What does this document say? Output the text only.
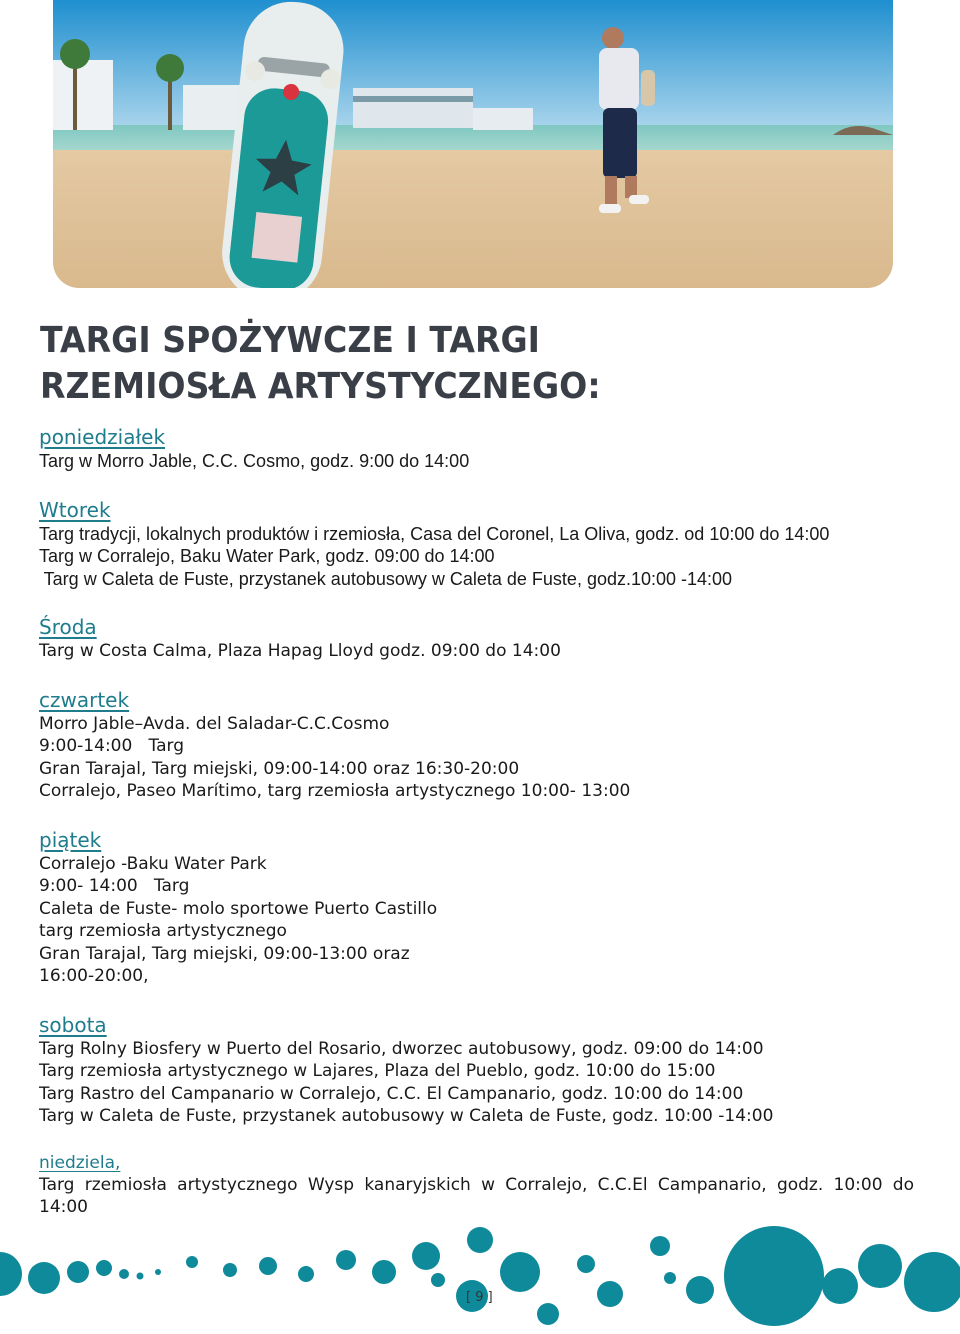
TARGI SPOŻYWCZE I TARGI
RZEMIOSŁA ARTYSTYCZNEGO:
poniedziałek
Targ w Morro Jable, C.C. Cosmo, godz. 9:00 do 14:00
Wtorek
Targ tradycji, lokalnych produktów i rzemiosła, Casa del Coronel, La Oliva, godz. od 10:00 do 14:00
Targ w Corralejo, Baku Water Park, godz. 09:00 do 14:00
Targ w Caleta de Fuste, przystanek autobusowy w Caleta de Fuste, godz.10:00 -14:00
Środa
Targ w Costa Calma, Plaza Hapag Lloyd godz. 09:00 do 14:00
czwartek
Morro Jable–Avda. del Saladar-C.C.Cosmo
9:00-14:00   Targ
Gran Tarajal, Targ miejski, 09:00-14:00 oraz 16:30-20:00
Corralejo, Paseo Marítimo, targ rzemiosła artystycznego 10:00- 13:00
piątek
Corralejo -Baku Water Park
9:00- 14:00   Targ
Caleta de Fuste- molo sportowe Puerto Castillo
targ rzemiosła artystycznego
Gran Tarajal, Targ miejski, 09:00-13:00 oraz
16:00-20:00,
sobota
Targ Rolny Biosfery w Puerto del Rosario, dworzec autobusowy, godz. 09:00 do 14:00
Targ rzemiosła artystycznego w Lajares, Plaza del Pueblo, godz. 10:00 do 15:00
Targ Rastro del Campanario w Corralejo, C.C. El Campanario, godz. 10:00 do 14:00
Targ w Caleta de Fuste, przystanek autobusowy w Caleta de Fuste, godz. 10:00 -14:00
niedziela,
Targ rzemiosła artystycznego Wysp kanaryjskich w Corralejo, C.C.El Campanario, godz. 10:00 do 14:00
[ 9 ]
